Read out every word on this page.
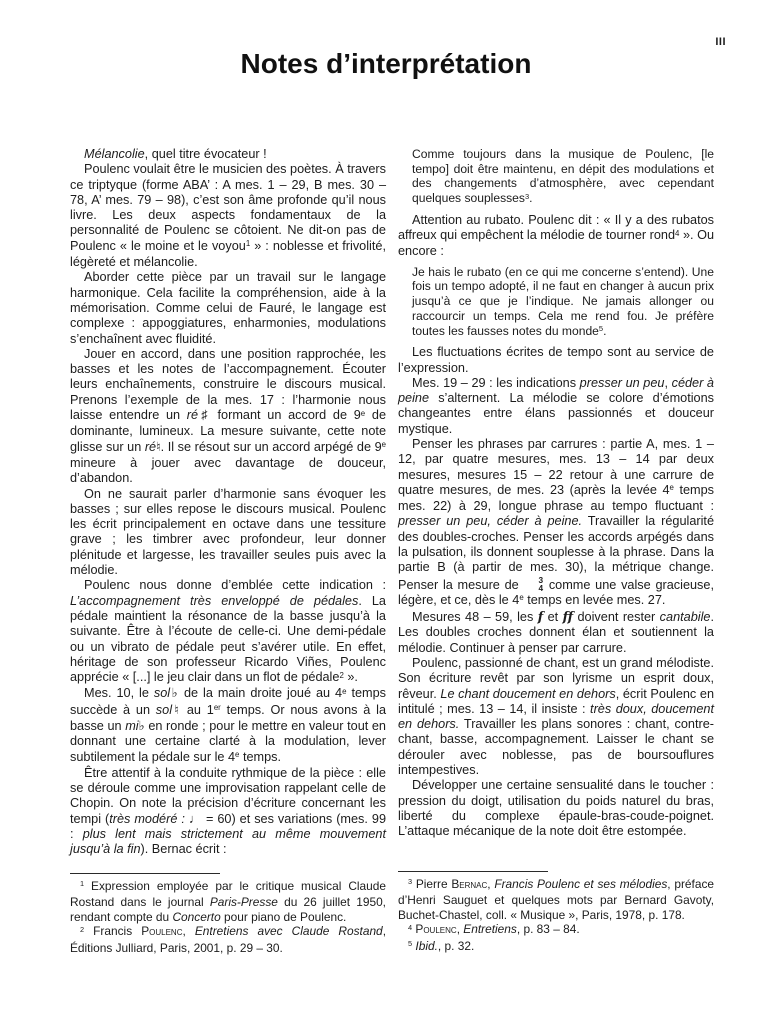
III
Notes d’interprétation

Mélancolie, quel titre évocateur !

Poulenc voulait être le musicien des poètes. À travers ce triptyque (forme ABA’ : A mes. 1 – 29, B mes. 30 – 78, A’ mes. 79 – 98), c’est son âme profonde qu’il nous livre. Les deux aspects fondamentaux de la personnalité de Poulenc se côtoient. Ne dit-on pas de Poulenc « le moine et le voyou$^1$ » : noblesse et frivolité, légèreté et mélancolie.

Aborder cette pièce par un travail sur le langage harmonique. Cela facilite la compréhension, aide à la mémorisation. Comme celui de Fauré, le langage est complexe : appoggiatures, enharmonies, modulations s’enchaînent avec fluidité.

Jouer en accord, dans une position rapprochée, les basses et les notes de l’accompagnement. Écouter leurs enchaînements, construire le discours musical. Prenons l’exemple de la mes. 17 : l’harmonie nous laisse entendre un ré♯ formant un accord de 9e de dominante, lumineux. La mesure suivante, cette note glisse sur un ré♮. Il se résout sur un accord arpégé de 9e mineure à jouer avec davantage de douceur, d’abandon.

On ne saurait parler d’harmonie sans évoquer les basses ; sur elles repose le discours musical. Poulenc les écrit principalement en octave dans une tessiture grave ; les timbrer avec profondeur, leur donner plénitude et largesse, les travailler seules puis avec la mélodie.

Poulenc nous donne d’emblée cette indication : L’accompagnement très enveloppé de pédales. La pédale maintient la résonance de la basse jusqu’à la suivante. Être à l’écoute de celle-ci. Une demi-pédale ou un vibrato de pédale peut s’avérer utile. En effet, héritage de son professeur Ricardo Viñes, Poulenc apprécie « [...] le jeu clair dans un flot de pédale$^2$ ».

Mes. 10, le sol♭ de la main droite joué au 4e temps succède à un sol♮ au 1er temps. Or nous avons à la basse un mi♭ en ronde ; pour le mettre en valeur tout en donnant une certaine clarté à la modulation, lever subtilement la pédale sur le 4e temps.

Être attentif à la conduite rythmique de la pièce : elle se déroule comme une improvisation rappelant celle de Chopin. On note la précision d’écriture concernant les tempi (très modéré : ♩ = 60) et ses variations (mes. 99 : plus lent mais strictement au même mouvement jusqu’à la fin). Bernac écrit :

$^1$ Expression employée par le critique musical Claude Rostand dans le journal Paris-Presse du 26 juillet 1950, rendant compte du Concerto pour piano de Poulenc.

$^2$ Francis Poulenc, Entretiens avec Claude Rostand, Éditions Julliard, Paris, 2001, p. 29 – 30.

Comme toujours dans la musique de Poulenc, [le tempo] doit être maintenu, en dépit des modulations et des changements d’atmosphère, avec cependant quelques souplesses$^3$.

Attention au rubato. Poulenc dit : « Il y a des rubatos affreux qui empêchent la mélodie de tourner rond$^4$ ». Ou encore :

Je hais le rubato (en ce qui me concerne s’entend). Une fois un tempo adopté, il ne faut en changer à aucun prix jusqu’à ce que je l’indique. Ne jamais allonger ou raccourcir un temps. Cela me rend fou. Je préfère toutes les fausses notes du monde$^5$.

Les fluctuations écrites de tempo sont au service de l’expression.

Mes. 19 – 29 : les indications presser un peu, céder à peine s’alternent. La mélodie se colore d’émotions changeantes entre élans passionnés et douceur mystique.

Penser les phrases par carrures : partie A, mes. 1 – 12, par quatre mesures, mes. 13 – 14 par deux mesures, mesures 15 – 22 retour à une carrure de quatre mesures, de mes. 23 (après la levée 4e temps mes. 22) à 29, longue phrase au tempo fluctuant : presser un peu, céder à peine. Travailler la régularité des doubles-croches. Penser les accords arpégés dans la pulsation, ils donnent souplesse à la phrase. Dans la partie B (à partir de mes. 30), la métrique change. Penser la mesure de	3
4 comme une valse gracieuse, légère, et ce, dès le 4e temps en levée mes. 27.

Mesures 48 – 59, les f et ff doivent rester cantabile. Les doubles croches donnent élan et soutiennent la mélodie. Continuer à penser par carrure.

Poulenc, passionné de chant, est un grand mélodiste. Son écriture revêt par son lyrisme un esprit doux, rêveur. Le chant doucement en dehors, écrit Poulenc en intitulé ; mes. 13 – 14, il insiste : très doux, doucement en dehors. Travailler les plans sonores : chant, contre-chant, basse, accompagnement. Laisser le chant se dérouler avec noblesse, pas de boursouflures intempestives.

Développer une certaine sensualité dans le toucher : pression du doigt, utilisation du poids naturel du bras, liberté du complexe épaule-bras-coude-poignet. L’attaque mécanique de la note doit être estompée.

$^3$ Pierre Bernac, Francis Poulenc et ses mélodies, préface d’Henri Sauguet et quelques mots par Bernard Gavoty, Buchet-Chastel, coll. « Musique », Paris, 1978, p. 178.

$^4$ Poulenc, Entretiens, p. 83 – 84.

$^5$ Ibid., p. 32.
